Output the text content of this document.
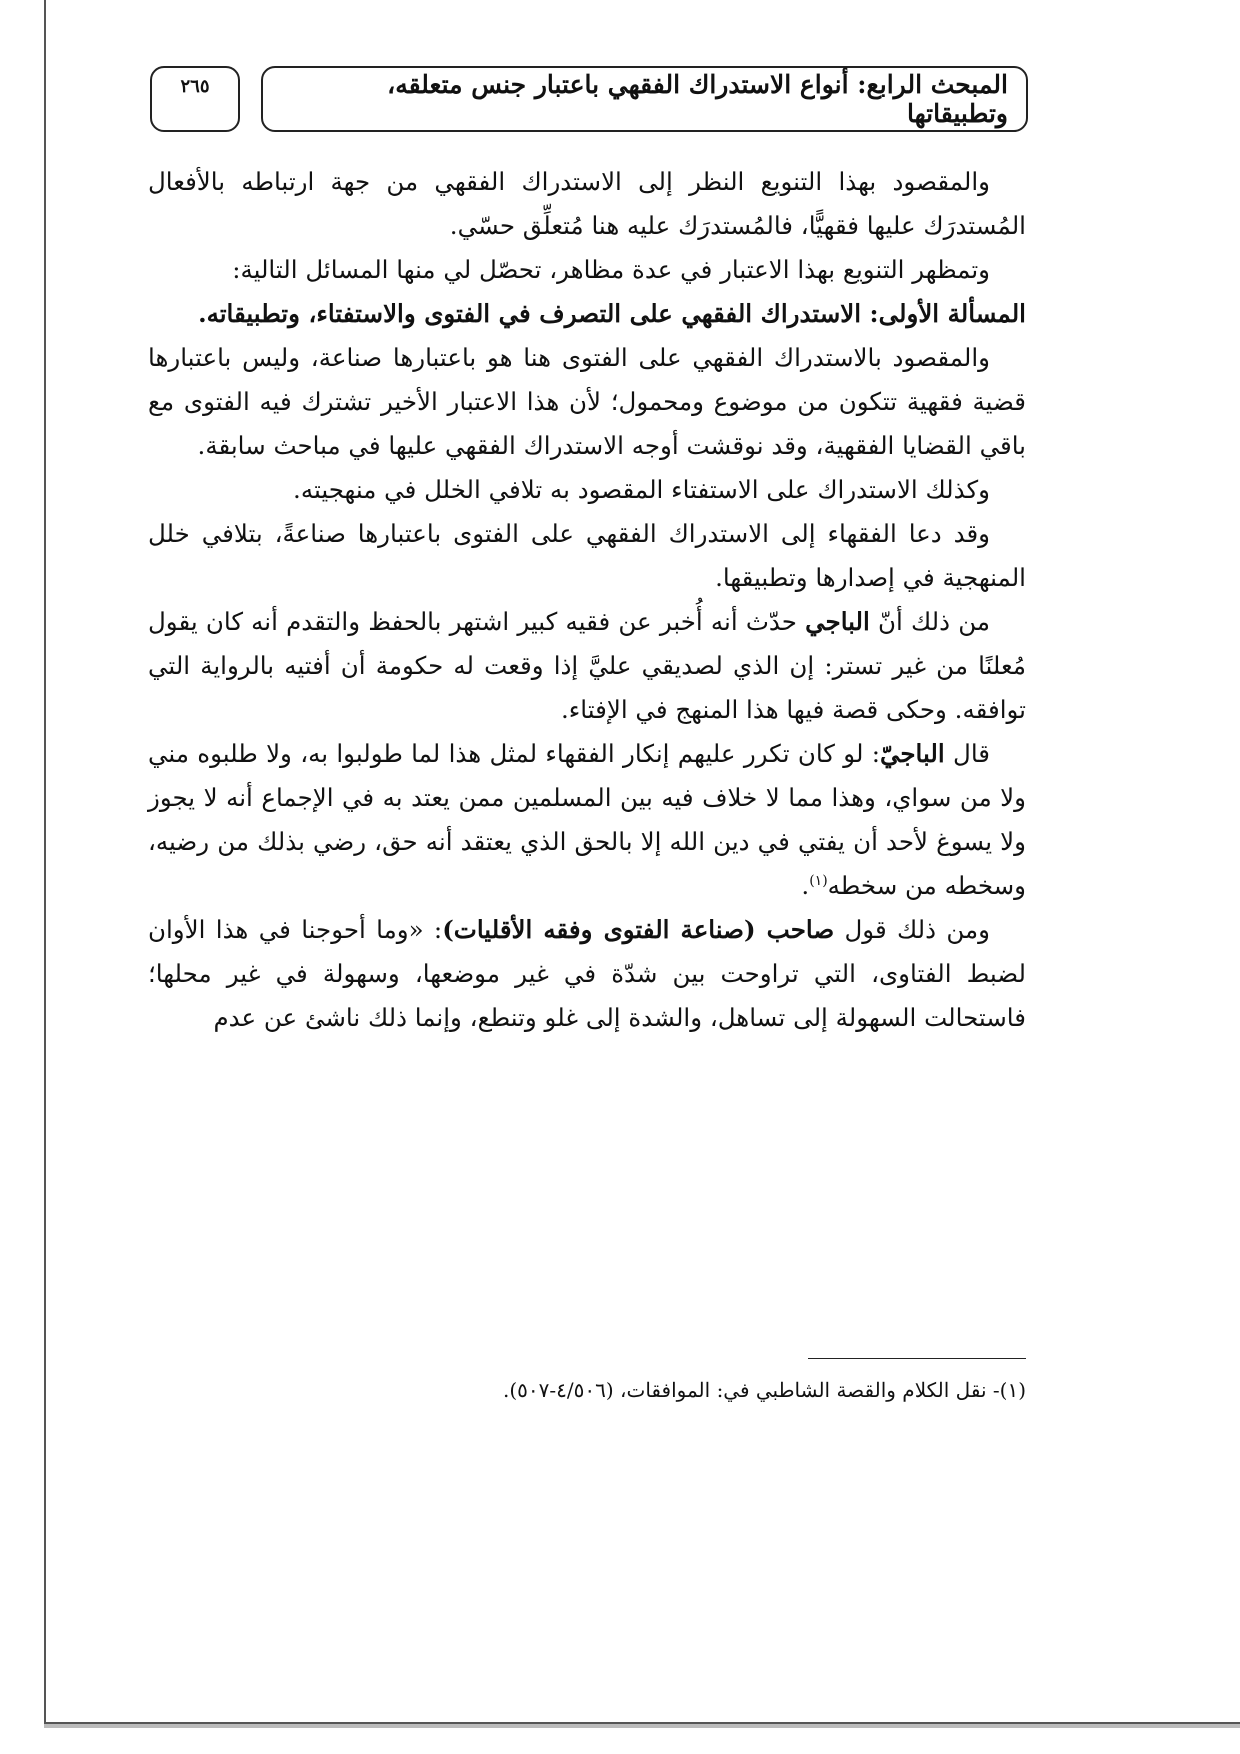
المبحث الرابع: أنواع الاستدراك الفقهي باعتبار جنس متعلقه، وتطبيقاتها
٢٦٥

والمقصود بهذا التنويع النظر إلى الاستدراك الفقهي من جهة ارتباطه بالأفعال المُستدرَك عليها فقهيًّا، فالمُستدرَك عليه هنا مُتعلِّق حسّي.

وتمظهر التنويع بهذا الاعتبار في عدة مظاهر، تحصّل لي منها المسائل التالية:

المسألة الأولى: الاستدراك الفقهي على التصرف في الفتوى والاستفتاء، وتطبيقاته.

والمقصود بالاستدراك الفقهي على الفتوى هنا هو باعتبارها صناعة، وليس باعتبارها قضية فقهية تتكون من موضوع ومحمول؛ لأن هذا الاعتبار الأخير تشترك فيه الفتوى مع باقي القضايا الفقهية، وقد نوقشت أوجه الاستدراك الفقهي عليها في مباحث سابقة.

وكذلك الاستدراك على الاستفتاء المقصود به تلافي الخلل في منهجيته.

وقد دعا الفقهاء إلى الاستدراك الفقهي على الفتوى باعتبارها صناعةً، بتلافي خلل المنهجية في إصدارها وتطبيقها.

من ذلك أنّ الباجي حدّث أنه أُخبر عن فقيه كبير اشتهر بالحفظ والتقدم أنه كان يقول مُعلنًا من غير تستر: إن الذي لصديقي عليَّ إذا وقعت له حكومة أن أفتيه بالرواية التي توافقه. وحكى قصة فيها هذا المنهج في الإفتاء.

قال الباجيّ: لو كان تكرر عليهم إنكار الفقهاء لمثل هذا لما طولبوا به، ولا طلبوه مني ولا من سواي، وهذا مما لا خلاف فيه بين المسلمين ممن يعتد به في الإجماع أنه لا يجوز ولا يسوغ لأحد أن يفتي في دين الله إلا بالحق الذي يعتقد أنه حق، رضي بذلك من رضيه، وسخطه من سخطه$^{(١)}$.

ومن ذلك قول صاحب (صناعة الفتوى وفقه الأقليات): «وما أحوجنا في هذا الأوان لضبط الفتاوى، التي تراوحت بين شدّة في غير موضعها، وسهولة في غير محلها؛ فاستحالت السهولة إلى تساهل، والشدة إلى غلو وتنطع، وإنما ذلك ناشئ عن عدم

(١)- نقل الكلام والقصة الشاطبي في: الموافقات، (٤/٥٠٦-٥٠٧).
